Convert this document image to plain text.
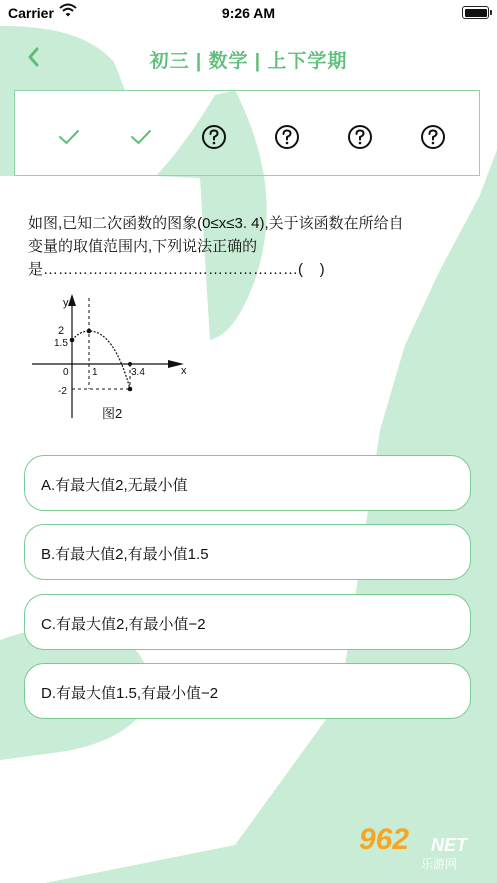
Carrier	9:26 AM
初三 | 数学 | 上下学期
如图,已知二次函数的图象(0≤x≤3. 4),关于该函数在所给自
变量的取值范围内,下列说法正确的
是……………………………………………(    )
y
x
2
1.5
0 1	3.4
-2
图2
A.有最大值2,无最小值
B.有最大值2,有最小值1.5
C.有最大值2,有最小值−2
D.有最大值1.5,有最小值−2
962 NET
乐游网
